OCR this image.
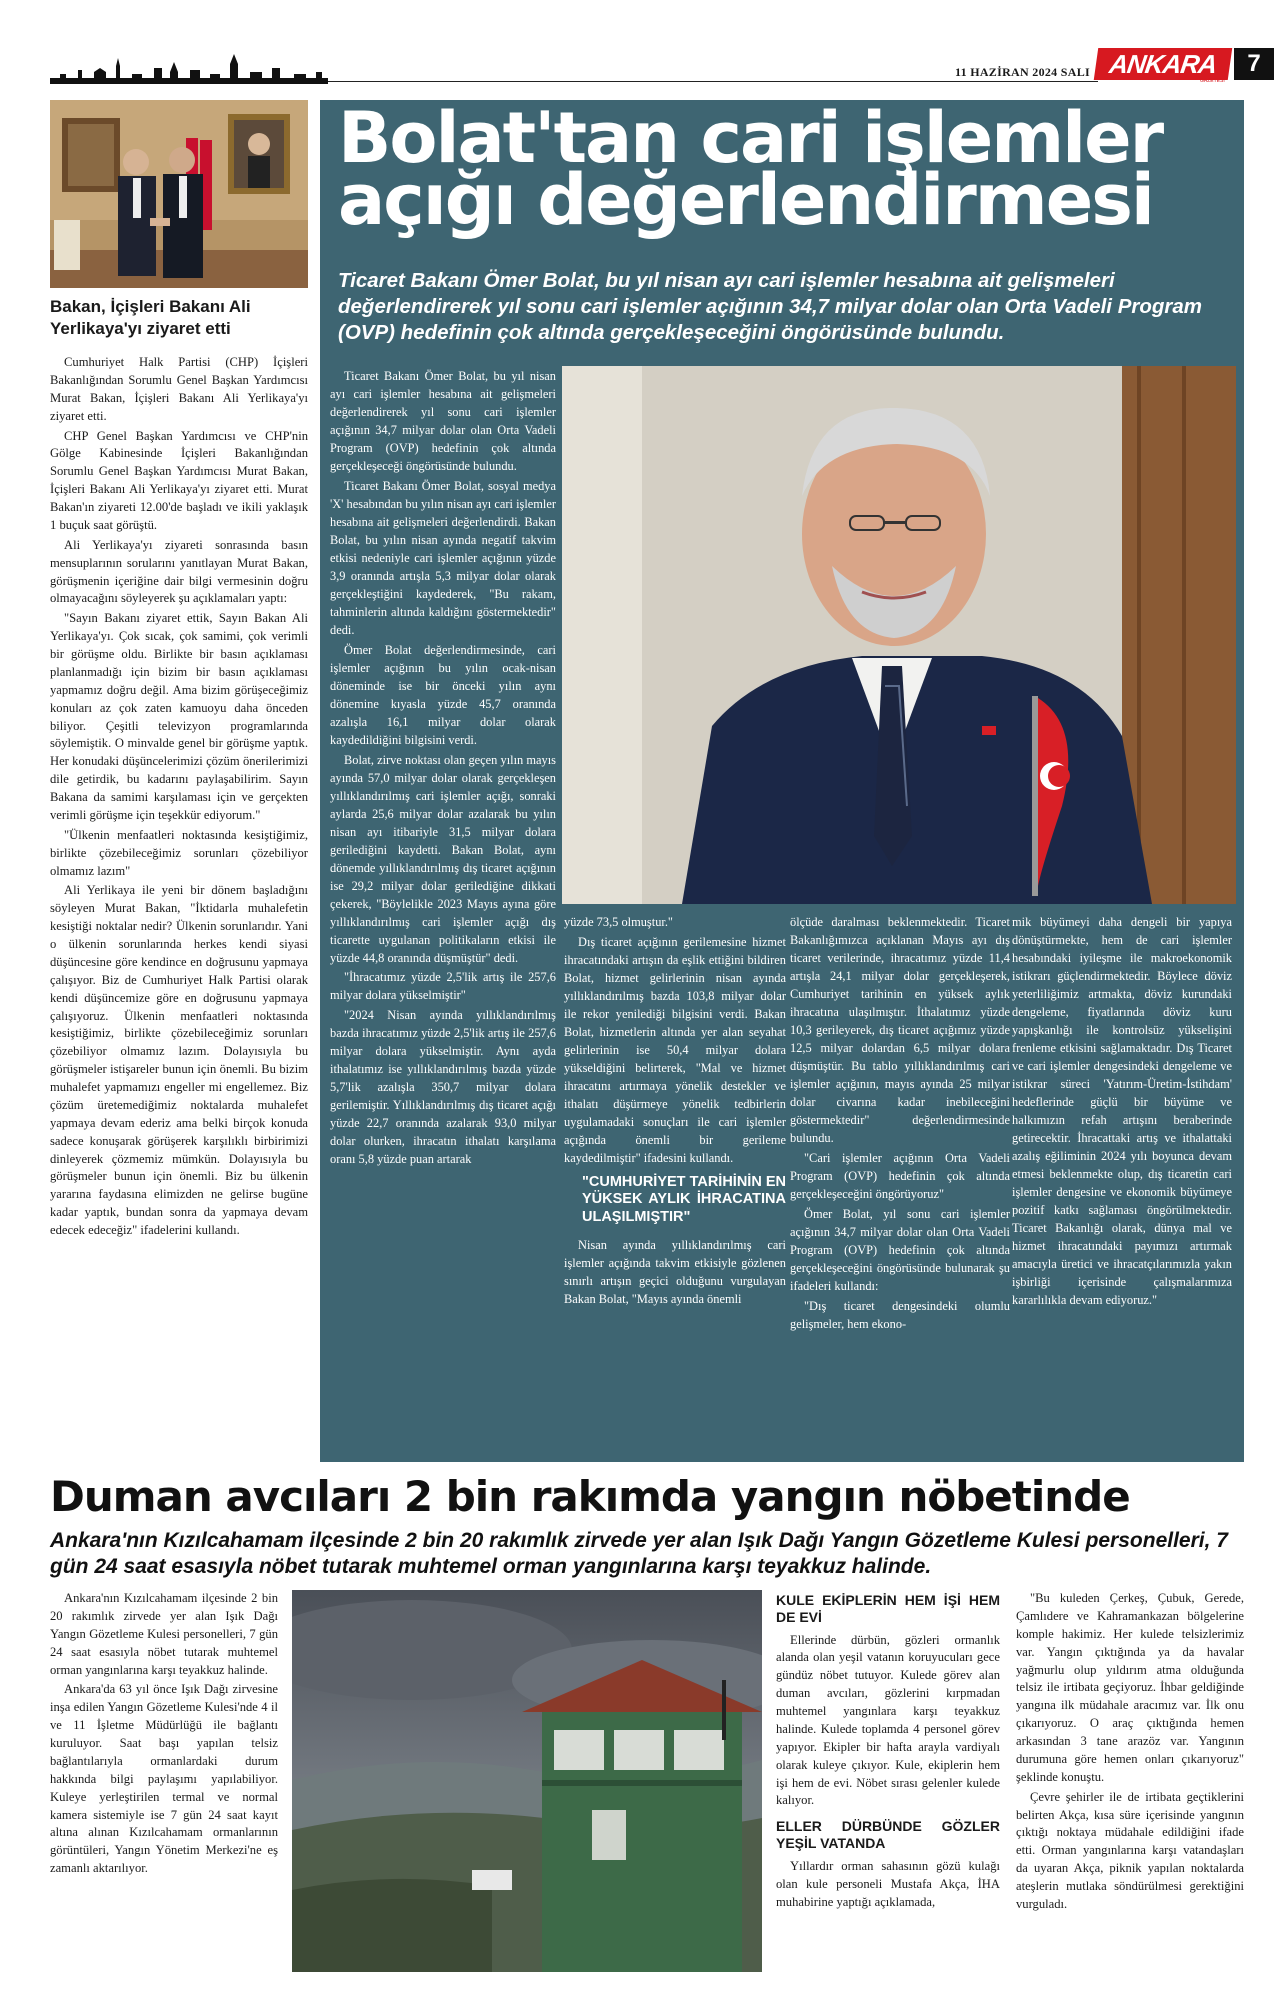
11 HAZİRAN 2024 SALI ANKARA
GAZETESİ
7
Bakan, İçişleri Bakanı Ali Yerlikaya'yı ziyaret etti

Cumhuriyet Halk Partisi (CHP) İçişleri Bakanlığından Sorumlu Genel Başkan Yardımcısı Murat Bakan, İçişleri Bakanı Ali Yerlikaya'yı ziyaret etti.

CHP Genel Başkan Yardımcısı ve CHP'nin Gölge Kabinesinde İçişleri Bakanlığından Sorumlu Genel Başkan Yardımcısı Murat Bakan, İçişleri Bakanı Ali Yerlikaya'yı ziyaret etti. Murat Bakan'ın ziyareti 12.00'de başladı ve ikili yaklaşık 1 buçuk saat görüştü.

Ali Yerlikaya'yı ziyareti sonrasında basın mensuplarının sorularını yanıtlayan Murat Bakan, görüşmenin içeriğine dair bilgi vermesinin doğru olmayacağını söyleyerek şu açıklamaları yaptı:

"Sayın Bakanı ziyaret ettik, Sayın Bakan Ali Yerlikaya'yı. Çok sıcak, çok samimi, çok verimli bir görüşme oldu. Birlikte bir basın açıklaması planlanmadığı için bizim bir basın açıklaması yapmamız doğru değil. Ama bizim görüşeceğimiz konuları az çok zaten kamuoyu daha önceden biliyor. Çeşitli televizyon programlarında söylemiştik. O minvalde genel bir görüşme yaptık. Her konudaki düşüncelerimizi çözüm önerilerimizi dile getirdik, bu kadarını paylaşabilirim. Sayın Bakana da samimi karşılaması için ve gerçekten verimli görüşme için teşekkür ediyorum."

"Ülkenin menfaatleri noktasında kesiştiğimiz, birlikte çözebileceğimiz sorunları çözebiliyor olmamız lazım"

Ali Yerlikaya ile yeni bir dönem başladığını söyleyen Murat Bakan, "İktidarla muhalefetin kesiştiği noktalar nedir? Ülkenin sorunlarıdır. Yani o ülkenin sorunlarında herkes kendi siyasi düşüncesine göre kendince en doğrusunu yapmaya çalışıyor. Biz de Cumhuriyet Halk Partisi olarak kendi düşüncemize göre en doğrusunu yapmaya çalışıyoruz. Ülkenin menfaatleri noktasında kesiştiğimiz, birlikte çözebileceğimiz sorunları çözebiliyor olmamız lazım. Dolayısıyla bu görüşmeler istişareler bunun için önemli. Bu bizim muhalefet yapmamızı engeller mi engellemez. Biz çözüm üretemediğimiz noktalarda muhalefet yapmaya devam ederiz ama belki birçok konuda sadece konuşarak görüşerek karşılıklı birbirimizi dinleyerek çözmemiz mümkün. Dolayısıyla bu görüşmeler bunun için önemli. Biz bu ülkenin yararına faydasına elimizden ne gelirse bugüne kadar yaptık, bundan sonra da yapmaya devam edecek edeceğiz" ifadelerini kullandı.

Bolat'tan cari işlemler açığı değerlendirmesi
Ticaret Bakanı Ömer Bolat, bu yıl nisan ayı cari işlemler hesabına ait gelişmeleri değerlendirerek yıl sonu cari işlemler açığının 34,7 milyar dolar olan Orta Vadeli Program (OVP) hedefinin çok altında gerçekleşeceğini öngörüsünde bulundu.

Ticaret Bakanı Ömer Bolat, bu yıl nisan ayı cari işlemler hesabına ait gelişmeleri değerlendirerek yıl sonu cari işlemler açığının 34,7 milyar dolar olan Orta Vadeli Program (OVP) hedefinin çok altında gerçekleşeceği öngörüsünde bulundu.

Ticaret Bakanı Ömer Bolat, sosyal medya 'X' hesabından bu yılın nisan ayı cari işlemler hesabına ait gelişmeleri değerlendirdi. Bakan Bolat, bu yılın nisan ayında negatif takvim etkisi nedeniyle cari işlemler açığının yüzde 3,9 oranında artışla 5,3 milyar dolar olarak gerçekleştiğini kaydederek, "Bu rakam, tahminlerin altında kaldığını göstermektedir" dedi.

Ömer Bolat değerlendirmesinde, cari işlemler açığının bu yılın ocak-nisan döneminde ise bir önceki yılın aynı dönemine kıyasla yüzde 45,7 oranında azalışla 16,1 milyar dolar olarak kaydedildiğini bilgisini verdi.

Bolat, zirve noktası olan geçen yılın mayıs ayında 57,0 milyar dolar olarak gerçekleşen yıllıklandırılmış cari işlemler açığı, sonraki aylarda 25,6 milyar dolar azalarak bu yılın nisan ayı itibariyle 31,5 milyar dolara gerilediğini kaydetti. Bakan Bolat, aynı dönemde yıllıklandırılmış dış ticaret açığının ise 29,2 milyar dolar gerilediğine dikkati çekerek, "Böylelikle 2023 Mayıs ayına göre yıllıklandırılmış cari işlemler açığı dış ticarette uygulanan politikaların etkisi ile yüzde 44,8 oranında düşmüştür" dedi.

"İhracatımız yüzde 2,5'lik artış ile 257,6 milyar dolara yükselmiştir"

"2024 Nisan ayında yıllıklandırılmış bazda ihracatımız yüzde 2,5'lik artış ile 257,6 milyar dolara yükselmiştir. Aynı ayda ithalatımız ise yıllıklandırılmış bazda yüzde 5,7'lik azalışla 350,7 milyar dolara gerilemiştir. Yıllıklandırılmış dış ticaret açığı yüzde 22,7 oranında azalarak 93,0 milyar dolar olurken, ihracatın ithalatı karşılama oranı 5,8 yüzde puan artarak

yüzde 73,5 olmuştur."

Dış ticaret açığının gerilemesine hizmet ihracatındaki artışın da eşlik ettiğini bildiren Bolat, hizmet gelirlerinin nisan ayında yıllıklandırılmış bazda 103,8 milyar dolar ile rekor yenilediği bilgisini verdi. Bakan Bolat, hizmetlerin altında yer alan seyahat gelirlerinin ise 50,4 milyar dolara yükseldiğini belirterek, "Mal ve hizmet ihracatını artırmaya yönelik destekler ve ithalatı düşürmeye yönelik tedbirlerin uygulamadaki sonuçları ile cari işlemler açığında önemli bir gerileme kaydedilmiştir" ifadesini kullandı.

"CUMHURİYET TARİHİNİN EN YÜKSEK AYLIK İHRACATINA ULAŞILMIŞTIR"

Nisan ayında yıllıklandırılmış cari işlemler açığında takvim etkisiyle gözlenen sınırlı artışın geçici olduğunu vurgulayan Bakan Bolat, "Mayıs ayında önemli

ölçüde daralması beklenmektedir. Ticaret Bakanlığımızca açıklanan Mayıs ayı dış ticaret verilerinde, ihracatımız yüzde 11,4 artışla 24,1 milyar dolar gerçekleşerek, Cumhuriyet tarihinin en yüksek aylık ihracatına ulaşılmıştır. İthalatımız yüzde 10,3 gerileyerek, dış ticaret açığımız yüzde 12,5 milyar dolardan 6,5 milyar dolara düşmüştür. Bu tablo yıllıklandırılmış cari işlemler açığının, mayıs ayında 25 milyar dolar civarına kadar inebileceğini göstermektedir" değerlendirmesinde bulundu.

"Cari işlemler açığının Orta Vadeli Program (OVP) hedefinin çok altında gerçekleşeceğini öngörüyoruz"

Ömer Bolat, yıl sonu cari işlemler açığının 34,7 milyar dolar olan Orta Vadeli Program (OVP) hedefinin çok altında gerçekleşeceğini öngörüsünde bulunarak şu ifadeleri kullandı:

"Dış ticaret dengesindeki olumlu gelişmeler, hem ekono-

mik büyümeyi daha dengeli bir yapıya dönüştürmekte, hem de cari işlemler hesabındaki iyileşme ile makroekonomik istikrarı güçlendirmektedir. Böylece döviz yeterliliğimiz artmakta, döviz kurundaki dengeleme, fiyatlarında döviz kuru yapışkanlığı ile kontrolsüz yükselişini frenleme etkisini sağlamaktadır. Dış Ticaret ve cari işlemler dengesindeki dengeleme ve istikrar süreci 'Yatırım-Üretim-İstihdam' hedeflerinde güçlü bir büyüme ve halkımızın refah artışını beraberinde getirecektir. İhracattaki artış ve ithalattaki azalış eğiliminin 2024 yılı boyunca devam etmesi beklenmekte olup, dış ticaretin cari işlemler dengesine ve ekonomik büyümeye pozitif katkı sağlaması öngörülmektedir. Ticaret Bakanlığı olarak, dünya mal ve hizmet ihracatındaki payımızı artırmak amacıyla üretici ve ihracatçılarımızla yakın işbirliği içerisinde çalışmalarımıza kararlılıkla devam ediyoruz."

Duman avcıları 2 bin rakımda yangın nöbetinde
Ankara'nın Kızılcahamam ilçesinde 2 bin 20 rakımlık zirvede yer alan Işık Dağı Yangın Gözetleme Kulesi personelleri, 7 gün 24 saat esasıyla nöbet tutarak muhtemel orman yangınlarına karşı teyakkuz halinde.

Ankara'nın Kızılcahamam ilçesinde 2 bin 20 rakımlık zirvede yer alan Işık Dağı Yangın Gözetleme Kulesi personelleri, 7 gün 24 saat esasıyla nöbet tutarak muhtemel orman yangınlarına karşı teyakkuz halinde.

Ankara'da 63 yıl önce Işık Dağı zirvesine inşa edilen Yangın Gözetleme Kulesi'nde 4 il ve 11 İşletme Müdürlüğü ile bağlantı kuruluyor. Saat başı yapılan telsiz bağlantılarıyla ormanlardaki durum hakkında bilgi paylaşımı yapılabiliyor. Kuleye yerleştirilen termal ve normal kamera sistemiyle ise 7 gün 24 saat kayıt altına alınan Kızılcahamam ormanlarının görüntüleri, Yangın Yönetim Merkezi'ne eş zamanlı aktarılıyor.

KULE EKİPLERİN HEM İŞİ HEM DE EVİ

Ellerinde dürbün, gözleri ormanlık alanda olan yeşil vatanın koruyucuları gece gündüz nöbet tutuyor. Kulede görev alan duman avcıları, gözlerini kırpmadan muhtemel yangınlara karşı teyakkuz halinde. Kulede toplamda 4 personel görev yapıyor. Ekipler bir hafta arayla vardiyalı olarak kuleye çıkıyor. Kule, ekiplerin hem işi hem de evi. Nöbet sırası gelenler kulede kalıyor.

ELLER DÜRBÜNDE GÖZLER YEŞİL VATANDA

Yıllardır orman sahasının gözü kulağı olan kule personeli Mustafa Akça, İHA muhabirine yaptığı açıklamada,

"Bu kuleden Çerkeş, Çubuk, Gerede, Çamlıdere ve Kahramankazan bölgelerine komple hakimiz. Her kulede telsizlerimiz var. Yangın çıktığında ya da havalar yağmurlu olup yıldırım atma olduğunda telsiz ile irtibata geçiyoruz. İhbar geldiğinde yangına ilk müdahale aracımız var. İlk onu çıkarıyoruz. O araç çıktığında hemen arkasından 3 tane arazöz var. Yangının durumuna göre hemen onları çıkarıyoruz" şeklinde konuştu.

Çevre şehirler ile de irtibata geçtiklerini belirten Akça, kısa süre içerisinde yangının çıktığı noktaya müdahale edildiğini ifade etti. Orman yangınlarına karşı vatandaşları da uyaran Akça, piknik yapılan noktalarda ateşlerin mutlaka söndürülmesi gerektiğini vurguladı.
